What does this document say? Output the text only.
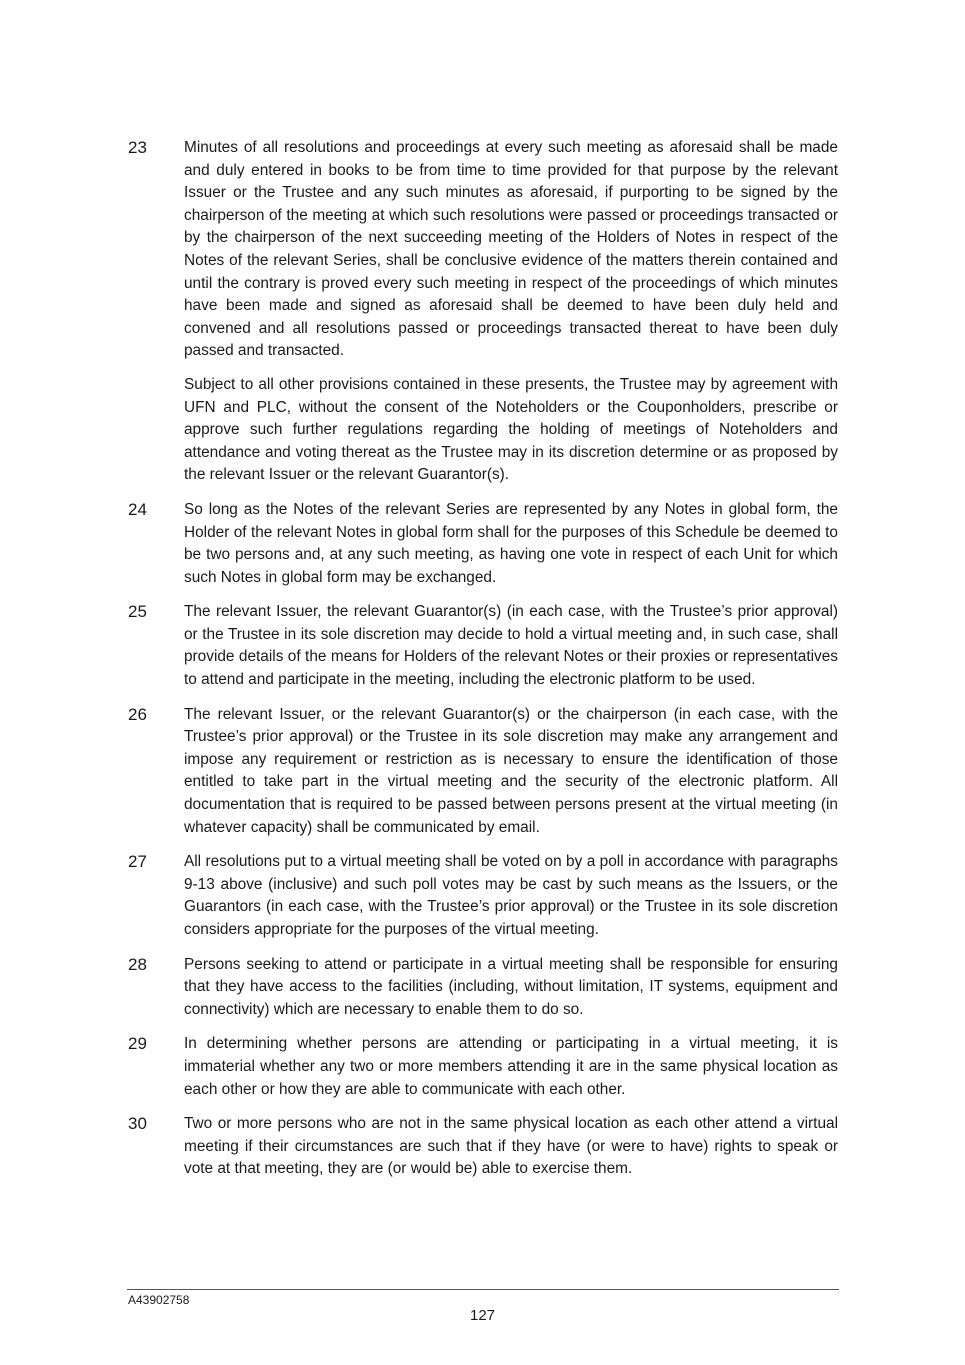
23	Minutes of all resolutions and proceedings at every such meeting as aforesaid shall be made and duly entered in books to be from time to time provided for that purpose by the relevant Issuer or the Trustee and any such minutes as aforesaid, if purporting to be signed by the chairperson of the meeting at which such resolutions were passed or proceedings transacted or by the chairperson of the next succeeding meeting of the Holders of Notes in respect of the Notes of the relevant Series, shall be conclusive evidence of the matters therein contained and until the contrary is proved every such meeting in respect of the proceedings of which minutes have been made and signed as aforesaid shall be deemed to have been duly held and convened and all resolutions passed or proceedings transacted thereat to have been duly passed and transacted.

Subject to all other provisions contained in these presents, the Trustee may by agreement with UFN and PLC, without the consent of the Noteholders or the Couponholders, prescribe or approve such further regulations regarding the holding of meetings of Noteholders and attendance and voting thereat as the Trustee may in its discretion determine or as proposed by the relevant Issuer or the relevant Guarantor(s).

24	So long as the Notes of the relevant Series are represented by any Notes in global form, the Holder of the relevant Notes in global form shall for the purposes of this Schedule be deemed to be two persons and, at any such meeting, as having one vote in respect of each Unit for which such Notes in global form may be exchanged.

25	The relevant Issuer, the relevant Guarantor(s) (in each case, with the Trustee’s prior approval) or the Trustee in its sole discretion may decide to hold a virtual meeting and, in such case, shall provide details of the means for Holders of the relevant Notes or their proxies or representatives to attend and participate in the meeting, including the electronic platform to be used.

26	The relevant Issuer, or the relevant Guarantor(s) or the chairperson (in each case, with the Trustee’s prior approval) or the Trustee in its sole discretion may make any arrangement and impose any requirement or restriction as is necessary to ensure the identification of those entitled to take part in the virtual meeting and the security of the electronic platform. All documentation that is required to be passed between persons present at the virtual meeting (in whatever capacity) shall be communicated by email.

27	All resolutions put to a virtual meeting shall be voted on by a poll in accordance with paragraphs 9-13 above (inclusive) and such poll votes may be cast by such means as the Issuers, or the Guarantors (in each case, with the Trustee’s prior approval) or the Trustee in its sole discretion considers appropriate for the purposes of the virtual meeting.

28	Persons seeking to attend or participate in a virtual meeting shall be responsible for ensuring that they have access to the facilities (including, without limitation, IT systems, equipment and connectivity) which are necessary to enable them to do so.

29	In determining whether persons are attending or participating in a virtual meeting, it is immaterial whether any two or more members attending it are in the same physical location as each other or how they are able to communicate with each other.

30	Two or more persons who are not in the same physical location as each other attend a virtual meeting if their circumstances are such that if they have (or were to have) rights to speak or vote at that meeting, they are (or would be) able to exercise them.

A43902758
127
